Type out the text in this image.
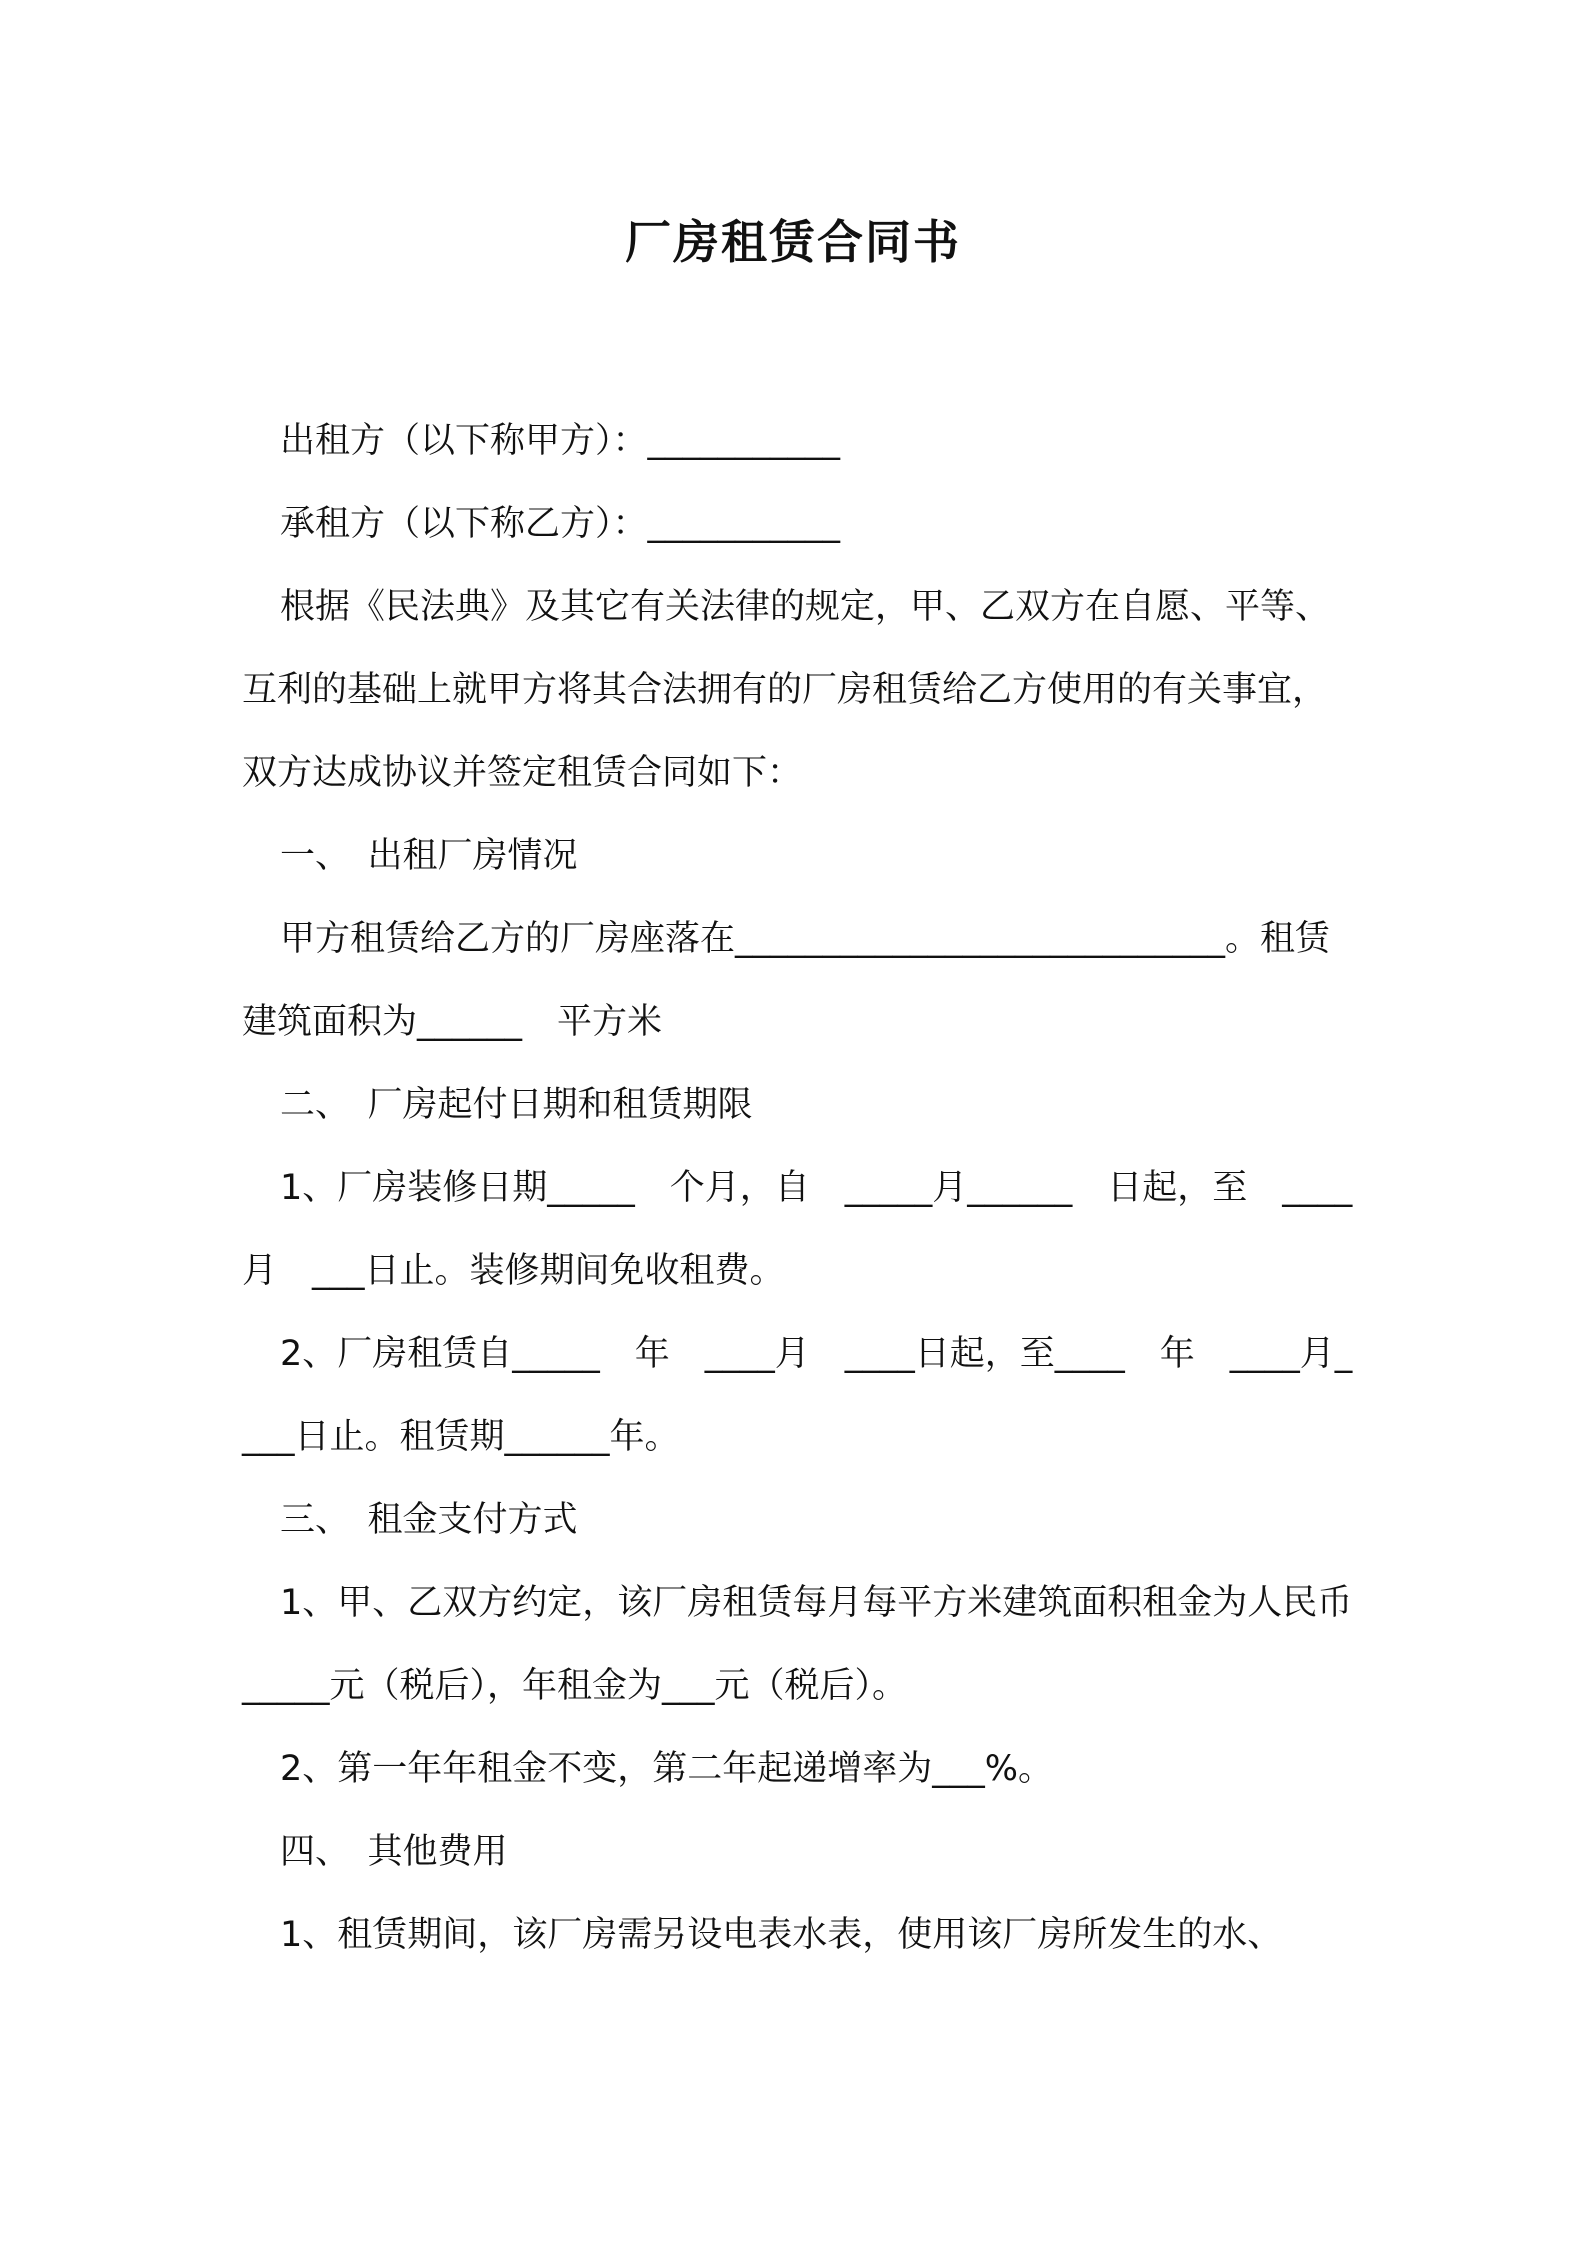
厂房租赁合同书

出租方（以下称甲方）：___________

承租方（以下称乙方）：___________

根据《民法典》及其它有关法律的规定，甲、乙双方在自愿、平等、互利的基础上就甲方将其合法拥有的厂房租赁给乙方使用的有关事宜，双方达成协议并签定租赁合同如下：

一、　出租厂房情况

甲方租赁给乙方的厂房座落在____________________________。租赁建筑面积为______　平方米

二、　厂房起付日期和租赁期限

1、厂房装修日期_____　个月，自　_____月______　日起，至　____月　___日止。装修期间免收租费。

2、厂房租赁自_____　年　____月　____日起，至____　年　____月____日止。租赁期______年。

三、　租金支付方式

1、甲、乙双方约定，该厂房租赁每月每平方米建筑面积租金为人民币_____元（税后），年租金为___元（税后）。

2、第一年年租金不变，第二年起递增率为___%。

四、　其他费用

1、租赁期间，该厂房需另设电表水表，使用该厂房所发生的水、
